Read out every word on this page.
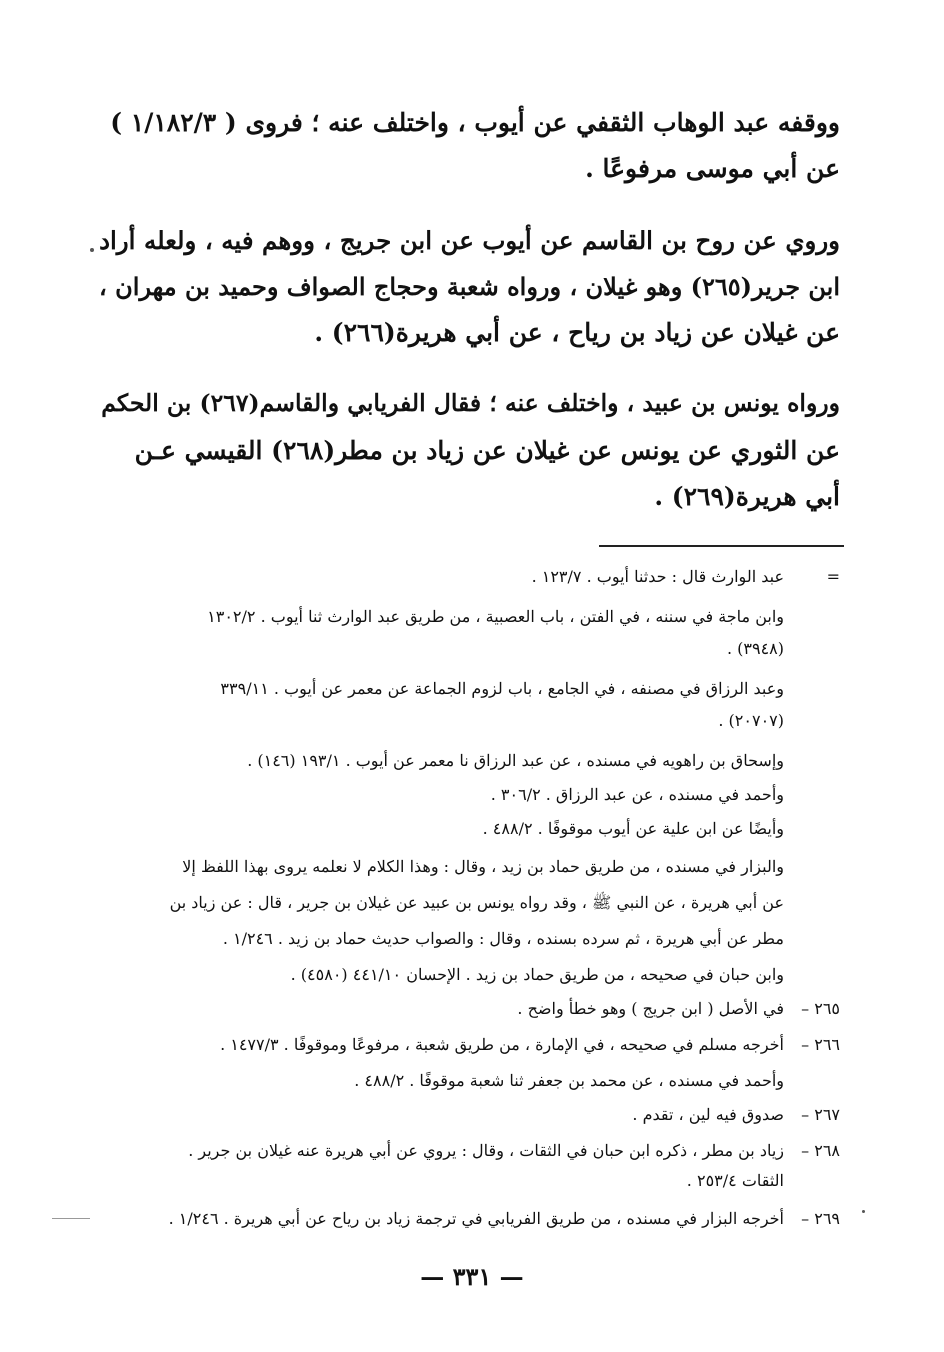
ووقفه عبد الوهاب الثقفي عن أيوب ، واختلف عنه ؛ فروى ( ١/١٨٢/٣ )
عن أبي موسى مرفوعًا .
وروي عن روح بن القاسم عن أيوب عن ابن جريج ، ووهم فيه ، ولعله أراد
ابن جرير(٢٦٥) وهو غيلان ، ورواه شعبة وحجاج الصواف وحميد بن مهران ،
عن غيلان عن زياد بن رياح ، عن أبي هريرة(٢٦٦) .
ورواه يونس بن عبيد ، واختلف عنه ؛ فقال الفريابي والقاسم(٢٦٧) بن الحكم
عن الثوري عن يونس عن غيلان عن زياد بن مطر(٢٦٨) القيسي عـن
أبي هريرة(٢٦٩) .
=
عبد الوارث قال : حدثنا أيوب . ١٢٣/٧ .
وابن ماجة في سننه ، في الفتن ، باب العصبية ، من طريق عبد الوارث ثنا أيوب . ١٣٠٢/٢
(٣٩٤٨) .
وعبد الرزاق في مصنفه ، في الجامع ، باب لزوم الجماعة عن معمر عن أيوب . ٣٣٩/١١
(٢٠٧٠٧) .
وإسحاق بن راهويه في مسنده ، عن عبد الرزاق نا معمر عن أيوب . ١٩٣/١ (١٤٦) .
وأحمد في مسنده ، عن عبد الرزاق . ٣٠٦/٢ .
وأيضًا عن ابن علية عن أيوب موقوفًا . ٤٨٨/٢ .
والبزار في مسنده ، من طريق حماد بن زيد ، وقال : وهذا الكلام لا نعلمه يروى بهذا اللفظ إلا
عن أبي هريرة ، عن النبي ﷺ ، وقد رواه يونس بن عبيد عن غيلان بن جرير ، قال : عن زياد بن
مطر عن أبي هريرة ، ثم سرده بسنده ، وقال : والصواب حديث حماد بن زيد . ١/٢٤٦ .
وابن حبان في صحيحه ، من طريق حماد بن زيد . الإحسان ٤٤١/١٠ (٤٥٨٠) .
٢٦٥ –
في الأصل ( ابن جريج ) وهو خطأ واضح .
٢٦٦ –
أخرجه مسلم في صحيحه ، في الإمارة ، من طريق شعبة ، مرفوعًا وموقوفًا . ١٤٧٧/٣ .
وأحمد في مسنده ، عن محمد بن جعفر ثنا شعبة موقوفًا . ٤٨٨/٢ .
٢٦٧ –
صدوق فيه لين ، تقدم .
٢٦٨ –
زياد بن مطر ، ذكره ابن حبان في الثقات ، وقال : يروي عن أبي هريرة عنه غيلان بن جرير .
الثقات ٢٥٣/٤ .
٢٦٩ –
أخرجه البزار في مسنده ، من طريق الفريابي في ترجمة زياد بن رياح عن أبي هريرة . ١/٢٤٦ .
— ٣٣١ —
